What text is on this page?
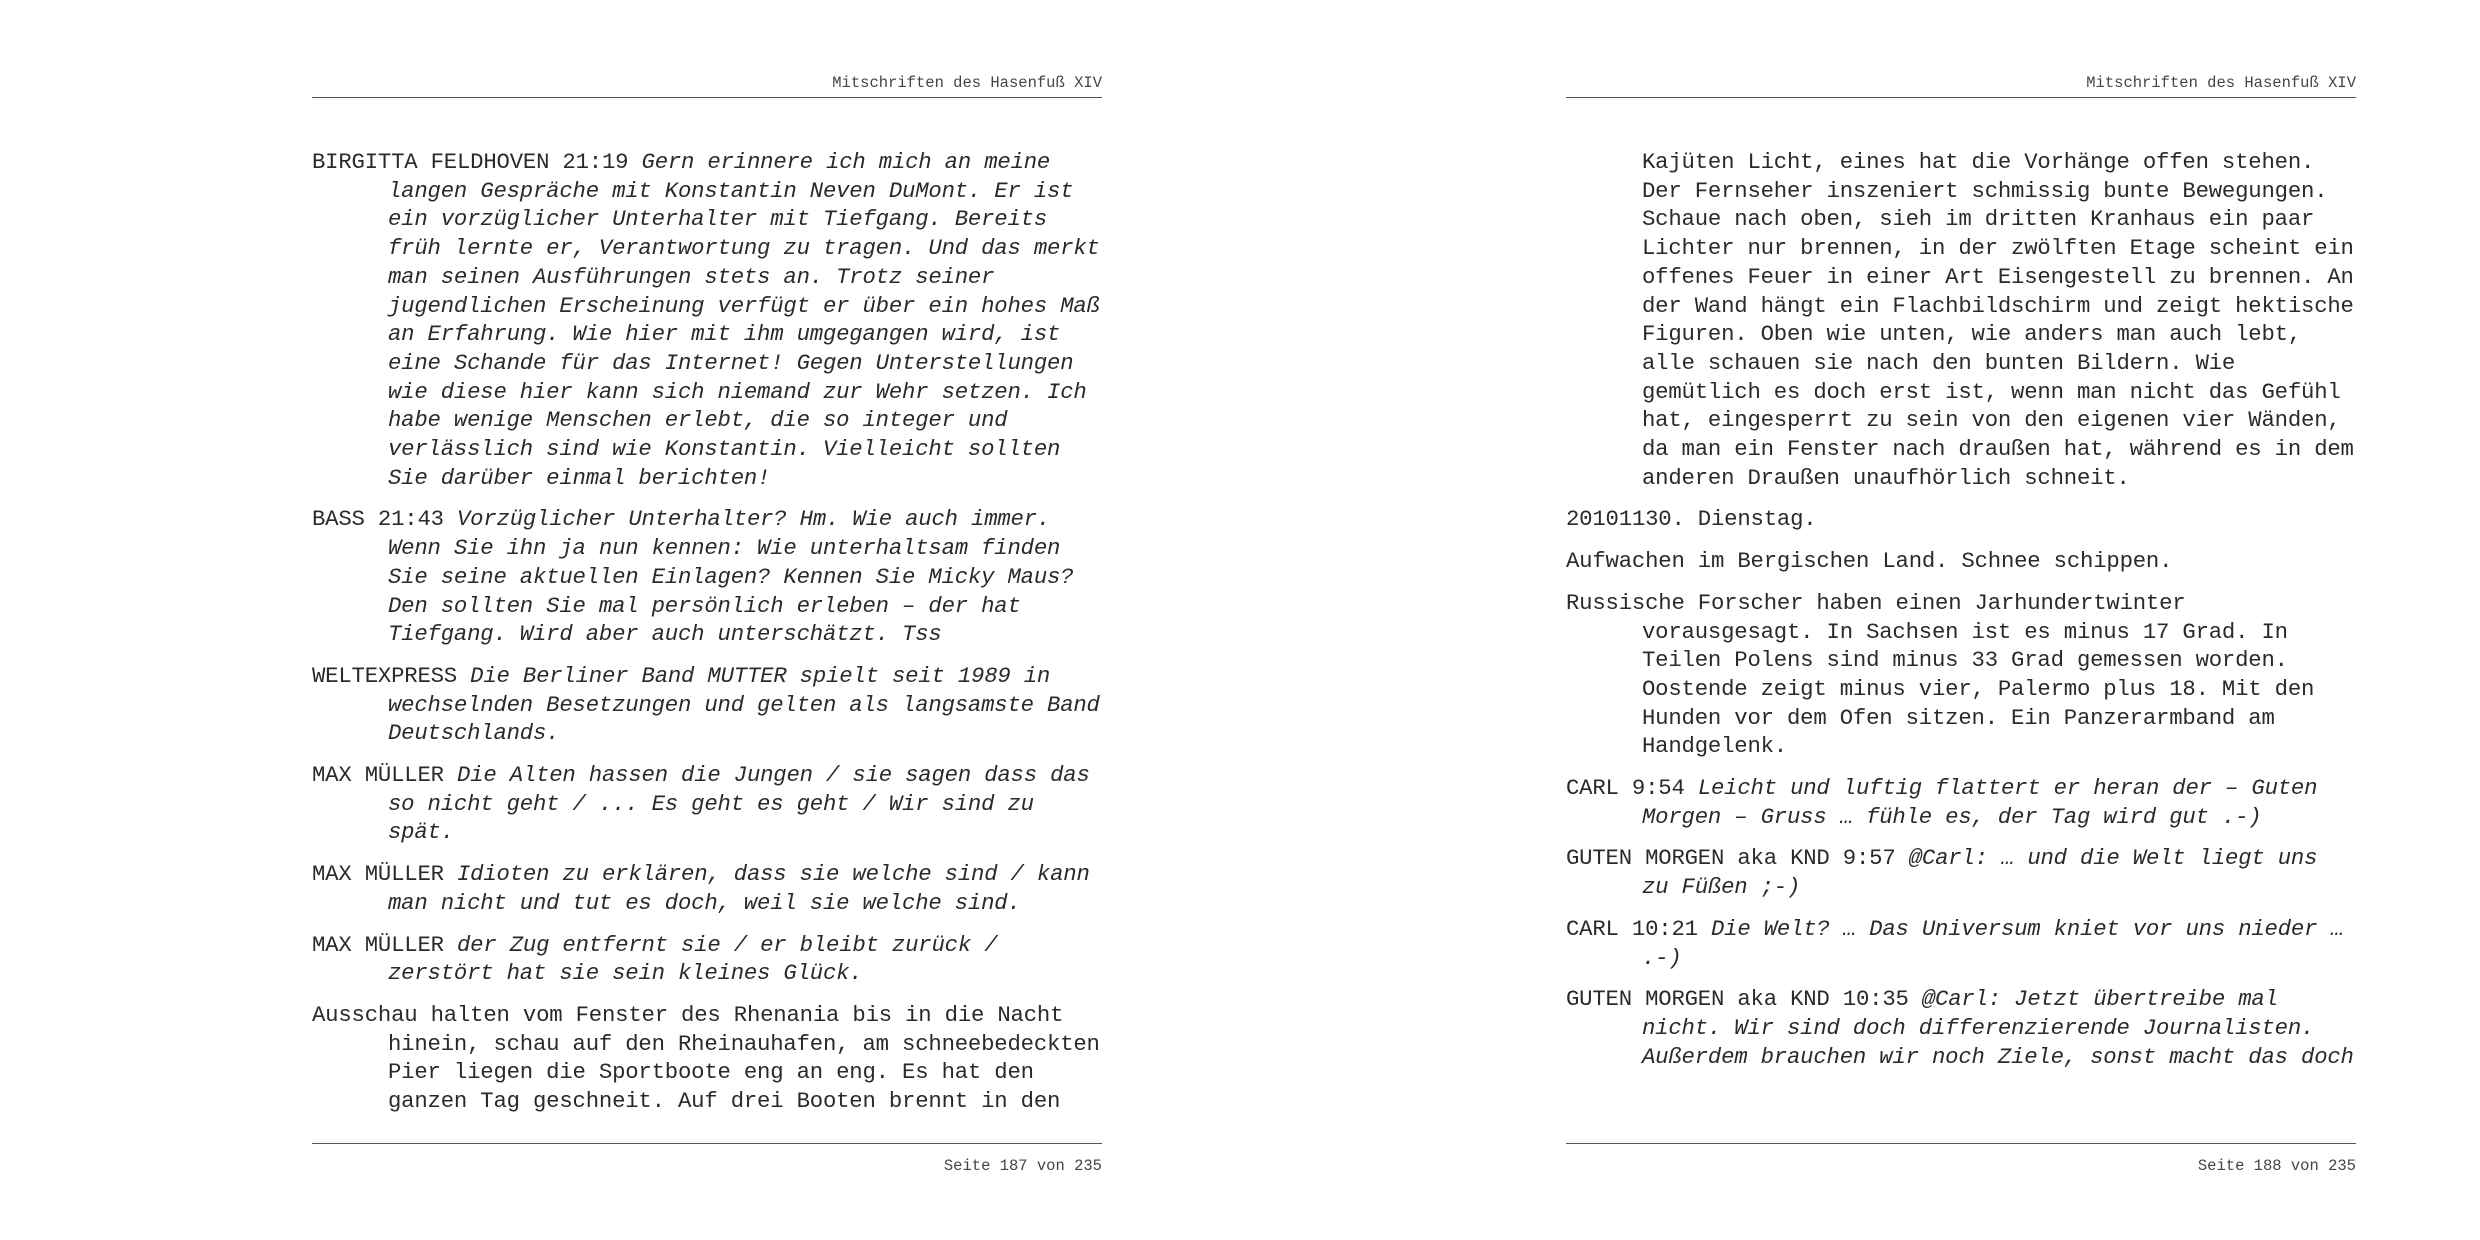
Mitschriften des Hasenfuß XIV

BIRGITTA FELDHOVEN 21:19 Gern erinnere ich mich an meine
langen Gespräche mit Konstantin Neven DuMont. Er ist
ein vorzüglicher Unterhalter mit Tiefgang. Bereits
früh lernte er, Verantwortung zu tragen. Und das merkt
man seinen Ausführungen stets an. Trotz seiner
jugendlichen Erscheinung verfügt er über ein hohes Maß
an Erfahrung. Wie hier mit ihm umgegangen wird, ist
eine Schande für das Internet! Gegen Unterstellungen
wie diese hier kann sich niemand zur Wehr setzen. Ich
habe wenige Menschen erlebt, die so integer und
verlässlich sind wie Konstantin. Vielleicht sollten
Sie darüber einmal berichten!

BASS 21:43 Vorzüglicher Unterhalter? Hm. Wie auch immer.
Wenn Sie ihn ja nun kennen: Wie unterhaltsam finden
Sie seine aktuellen Einlagen? Kennen Sie Micky Maus?
Den sollten Sie mal persönlich erleben – der hat
Tiefgang. Wird aber auch unterschätzt. Tss

WELTEXPRESS Die Berliner Band MUTTER spielt seit 1989 in
wechselnden Besetzungen und gelten als langsamste Band
Deutschlands.

MAX MÜLLER Die Alten hassen die Jungen / sie sagen dass das
so nicht geht / ... Es geht es geht / Wir sind zu
spät.

MAX MÜLLER Idioten zu erklären, dass sie welche sind / kann
man nicht und tut es doch, weil sie welche sind.

MAX MÜLLER der Zug entfernt sie / er bleibt zurück /
zerstört hat sie sein kleines Glück.

Ausschau halten vom Fenster des Rhenania bis in die Nacht
hinein, schau auf den Rheinauhafen, am schneebedeckten
Pier liegen die Sportboote eng an eng. Es hat den
ganzen Tag geschneit. Auf drei Booten brennt in den

Seite 187 von 235
Mitschriften des Hasenfuß XIV

Kajüten Licht, eines hat die Vorhänge offen stehen.
Der Fernseher inszeniert schmissig bunte Bewegungen.
Schaue nach oben, sieh im dritten Kranhaus ein paar
Lichter nur brennen, in der zwölften Etage scheint ein
offenes Feuer in einer Art Eisengestell zu brennen. An
der Wand hängt ein Flachbildschirm und zeigt hektische
Figuren. Oben wie unten, wie anders man auch lebt,
alle schauen sie nach den bunten Bildern. Wie
gemütlich es doch erst ist, wenn man nicht das Gefühl
hat, eingesperrt zu sein von den eigenen vier Wänden,
da man ein Fenster nach draußen hat, während es in dem
anderen Draußen unaufhörlich schneit.

20101130. Dienstag.

Aufwachen im Bergischen Land. Schnee schippen.

Russische Forscher haben einen Jarhundertwinter
vorausgesagt. In Sachsen ist es minus 17 Grad. In
Teilen Polens sind minus 33 Grad gemessen worden.
Oostende zeigt minus vier, Palermo plus 18. Mit den
Hunden vor dem Ofen sitzen. Ein Panzerarmband am
Handgelenk.

CARL 9:54 Leicht und luftig flattert er heran der – Guten
Morgen – Gruss … fühle es, der Tag wird gut .-)

GUTEN MORGEN aka KND 9:57 @Carl: … und die Welt liegt uns
zu Füßen ;-)

CARL 10:21 Die Welt? … Das Universum kniet vor uns nieder …
.-)

GUTEN MORGEN aka KND 10:35 @Carl: Jetzt übertreibe mal
nicht. Wir sind doch differenzierende Journalisten.
Außerdem brauchen wir noch Ziele, sonst macht das doch

Seite 188 von 235
